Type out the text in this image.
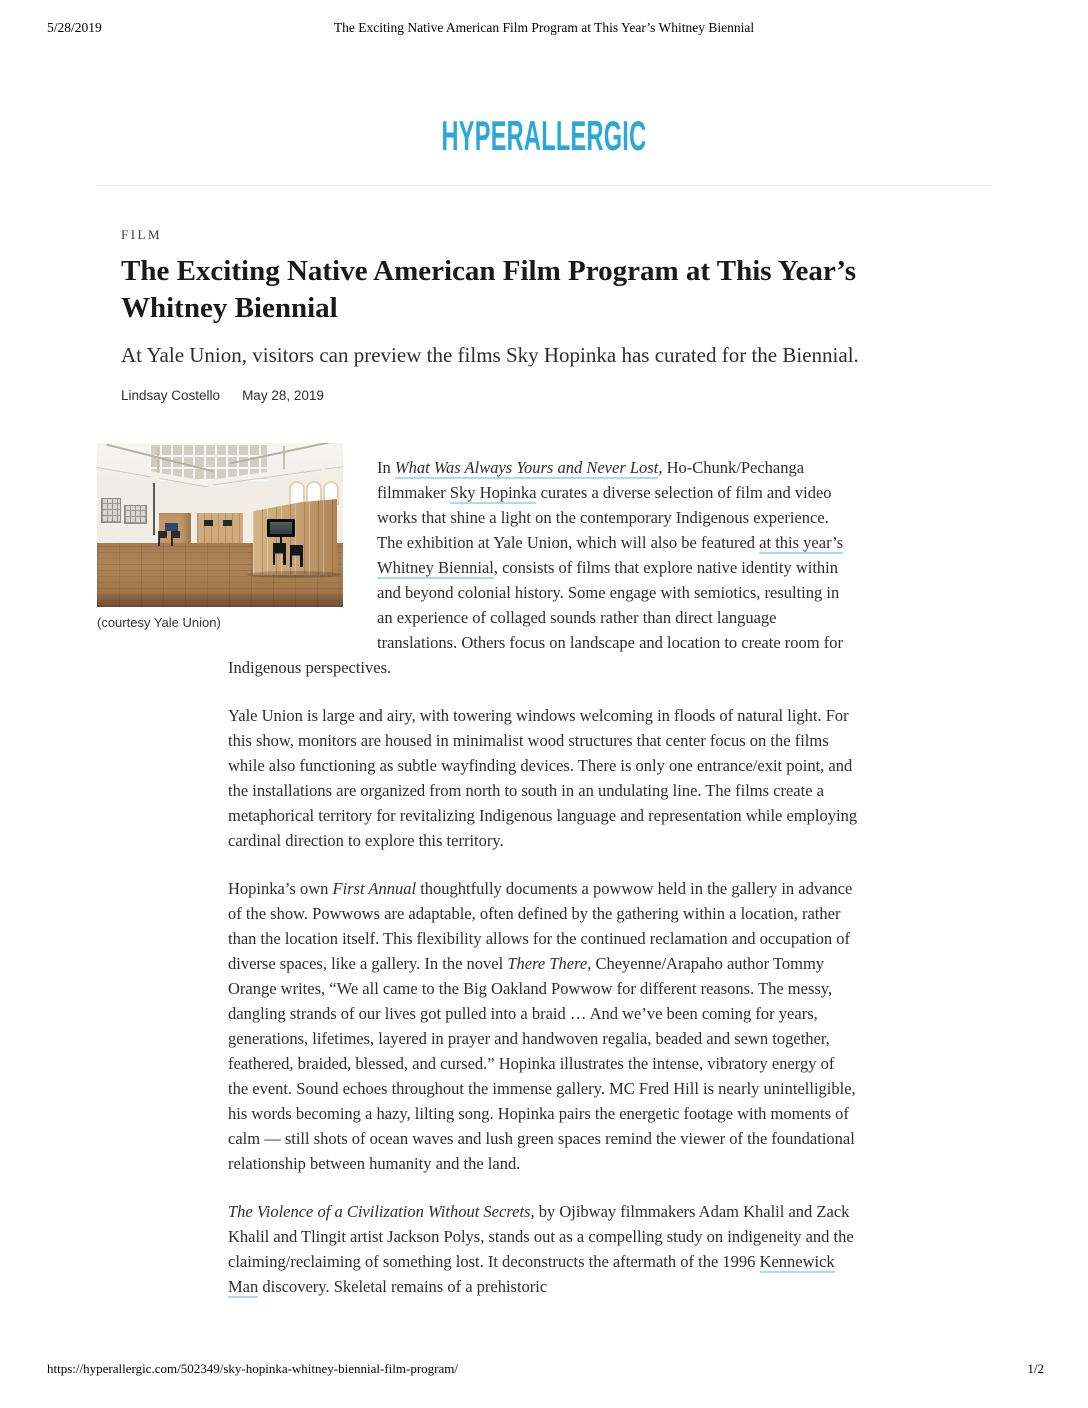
5/28/2019	The Exciting Native American Film Program at This Year’s Whitney Biennial
HYPERALLERGIC
FILM
The Exciting Native American Film Program at This Year’s Whitney Biennial
At Yale Union, visitors can preview the films Sky Hopinka has curated for the Biennial.
Lindsay Costello May 28, 2019
(courtesy Yale Union)

In What Was Always Yours and Never Lost, Ho-Chunk/Pechanga filmmaker Sky Hopinka curates a diverse selection of film and video works that shine a light on the contemporary Indigenous experience. The exhibition at Yale Union, which will also be featured at this year’s Whitney Biennial, consists of films that explore native identity within and beyond colonial history. Some engage with semiotics, resulting in an experience of collaged sounds rather than direct language translations. Others focus on landscape and location to create room for Indigenous perspectives.

Yale Union is large and airy, with towering windows welcoming in floods of natural light. For this show, monitors are housed in minimalist wood structures that center focus on the films while also functioning as subtle wayfinding devices. There is only one entrance/exit point, and the installations are organized from north to south in an undulating line. The films create a metaphorical territory for revitalizing Indigenous language and representation while employing cardinal direction to explore this territory.

Hopinka’s own First Annual thoughtfully documents a powwow held in the gallery in advance of the show. Powwows are adaptable, often defined by the gathering within a location, rather than the location itself. This flexibility allows for the continued reclamation and occupation of diverse spaces, like a gallery. In the novel There There, Cheyenne/Arapaho author Tommy Orange writes, “We all came to the Big Oakland Powwow for different reasons. The messy, dangling strands of our lives got pulled into a braid … And we’ve been coming for years, generations, lifetimes, layered in prayer and handwoven regalia, beaded and sewn together, feathered, braided, blessed, and cursed.” Hopinka illustrates the intense, vibratory energy of the event. Sound echoes throughout the immense gallery. MC Fred Hill is nearly unintelligible, his words becoming a hazy, lilting song. Hopinka pairs the energetic footage with moments of calm — still shots of ocean waves and lush green spaces remind the viewer of the foundational relationship between humanity and the land.

The Violence of a Civilization Without Secrets, by Ojibway filmmakers Adam Khalil and Zack Khalil and Tlingit artist Jackson Polys, stands out as a compelling study on indigeneity and the claiming/reclaiming of something lost. It deconstructs the aftermath of the 1996 Kennewick Man discovery. Skeletal remains of a prehistoric

https://hyperallergic.com/502349/sky-hopinka-whitney-biennial-film-program/	1/2
